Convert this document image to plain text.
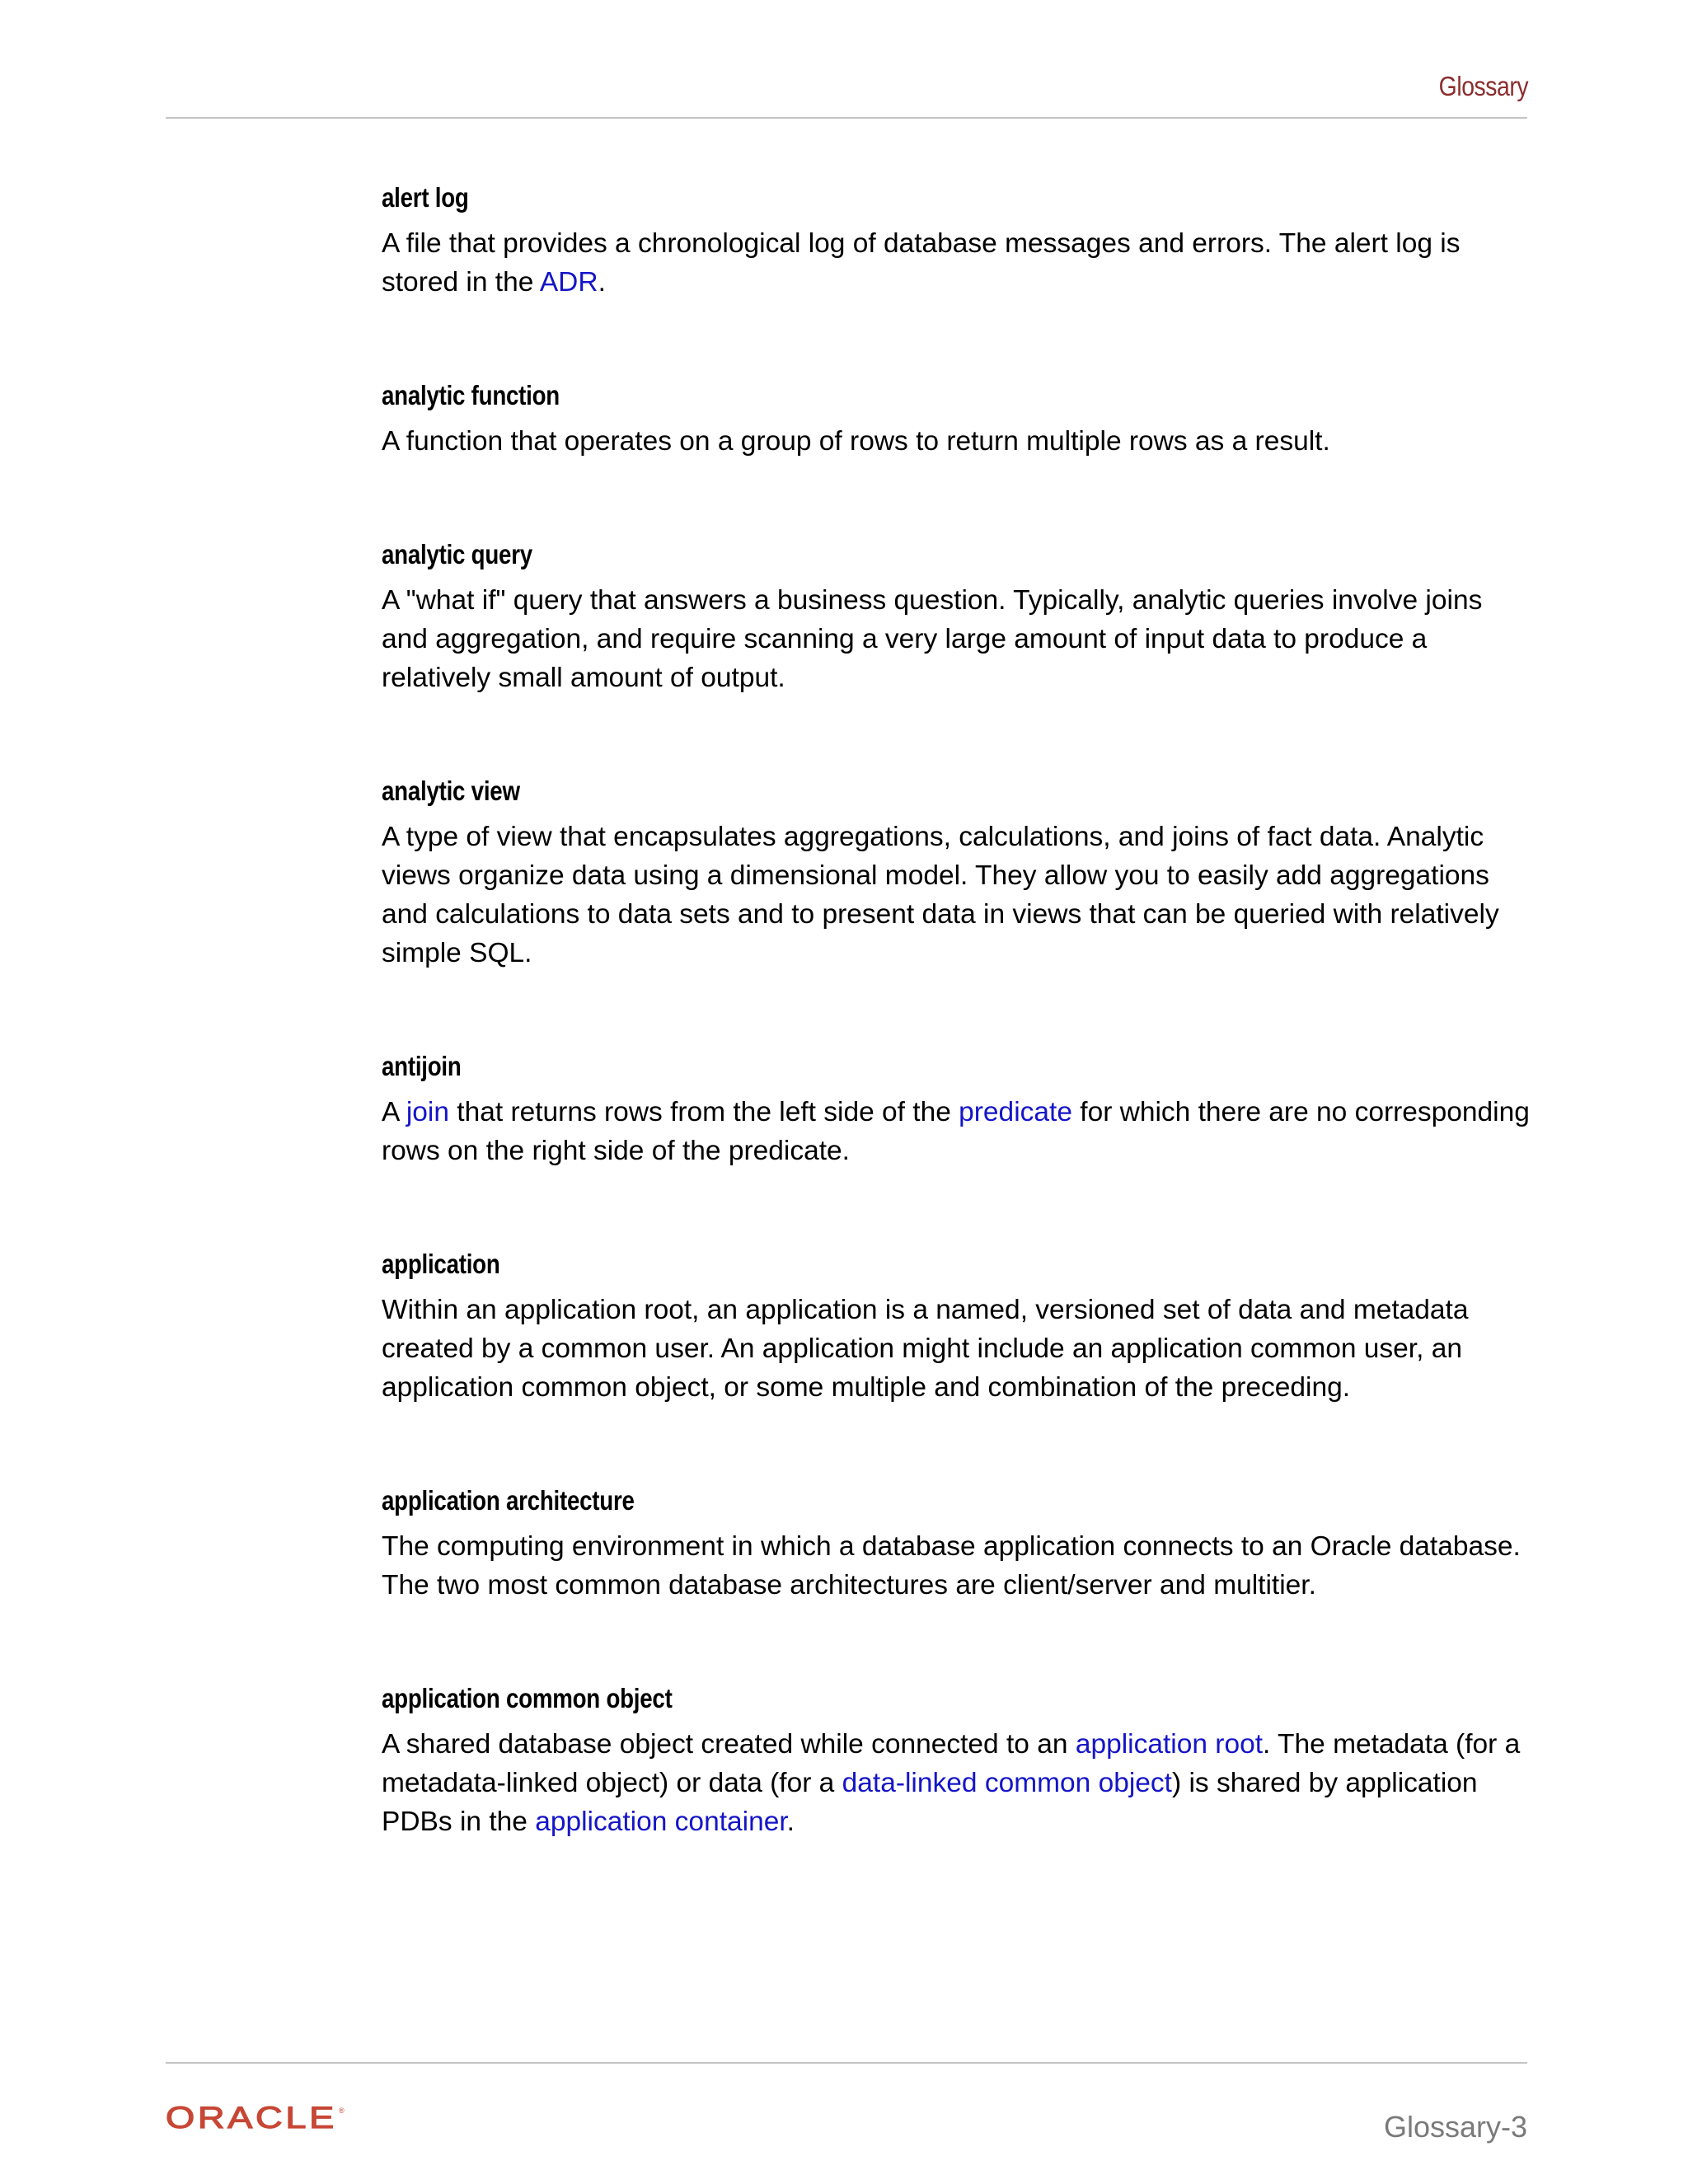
Glossary
alert log

A file that provides a chronological log of database messages and errors. The alert log is stored in the ADR.

analytic function

A function that operates on a group of rows to return multiple rows as a result.

analytic query

A "what if" query that answers a business question. Typically, analytic queries involve joins and aggregation, and require scanning a very large amount of input data to produce a relatively small amount of output.

analytic view

A type of view that encapsulates aggregations, calculations, and joins of fact data. Analytic views organize data using a dimensional model. They allow you to easily add aggregations and calculations to data sets and to present data in views that can be queried with relatively simple SQL.

antijoin

A join that returns rows from the left side of the predicate for which there are no corresponding rows on the right side of the predicate.

application

Within an application root, an application is a named, versioned set of data and metadata created by a common user. An application might include an application common user, an application common object, or some multiple and combination of the preceding.

application architecture

The computing environment in which a database application connects to an Oracle database. The two most common database architectures are client/server and multitier.

application common object

A shared database object created while connected to an application root. The metadata (for a metadata-linked object) or data (for a data-linked common object) is shared by application PDBs in the application container.

ORACLE ®	Glossary-3
